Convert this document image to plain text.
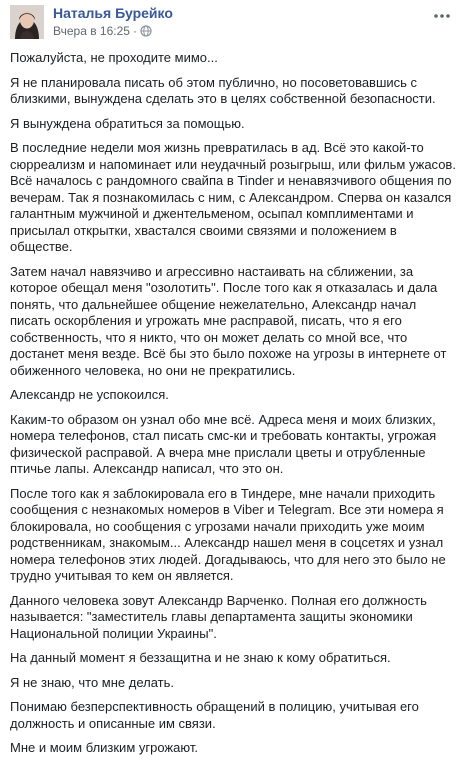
Наталья Бурейко
Вчера в 16:25 ·

Пожалуйста, не проходите мимо...

Я не планировала писать об этом публично, но посоветовавшись с близкими, вынуждена сделать это в целях собственной безопасности.

Я вынуждена обратиться за помощью.

В последние недели моя жизнь превратилась в ад. Всё это какой-то сюрреализм и напоминает или неудачный розыгрыш, или фильм ужасов. Всё началось с рандомного свайпа в Tinder и ненавязчивого общения по вечерам. Так я познакомилась с ним, с Александром. Сперва он казался галантным мужчиной и джентельменом, осыпал комплиментами и присылал открытки, хвастался своими связями и положением в обществе.

Затем начал навязчиво и агрессивно настаивать на сближении, за которое обещал меня "озолотить". После того как я отказалась и дала понять, что дальнейшее общение нежелательно, Александр начал писать оскорбления и угрожать мне расправой, писать, что я его собственность, что я никто, что он может делать со мной все, что достанет меня везде. Всё бы это было похоже на угрозы в интернете от обиженного человека, но они не прекратились.

Александр не успокоился.

Каким-то образом он узнал обо мне всё. Адреса меня и моих близких, номера телефонов, стал писать смс-ки и требовать контакты, угрожая физической расправой. А вчера мне прислали цветы и отрубленные птичье лапы. Александр написал, что это он.

После того как я заблокировала его в Тиндере, мне начали приходить сообщения с незнакомых номеров в Viber и Telegram. Все эти номера я блокировала, но сообщения с угрозами начали приходить уже моим родственникам, знакомым... Александр нашел меня в соцсетях и узнал номера телефонов этих людей. Догадываюсь, что для него это было не трудно учитывая то кем он является.

Данного человека зовут Александр Варченко. Полная его должность называется: "заместитель главы департамента защиты экономики Национальной полиции Украины".

На данный момент я беззащитна и не знаю к кому обратиться.

Я не знаю, что мне делать.

Понимаю безперспективность обращений в полицию, учитывая его должность и описанные им связи.

Мне и моим близким угрожают.
